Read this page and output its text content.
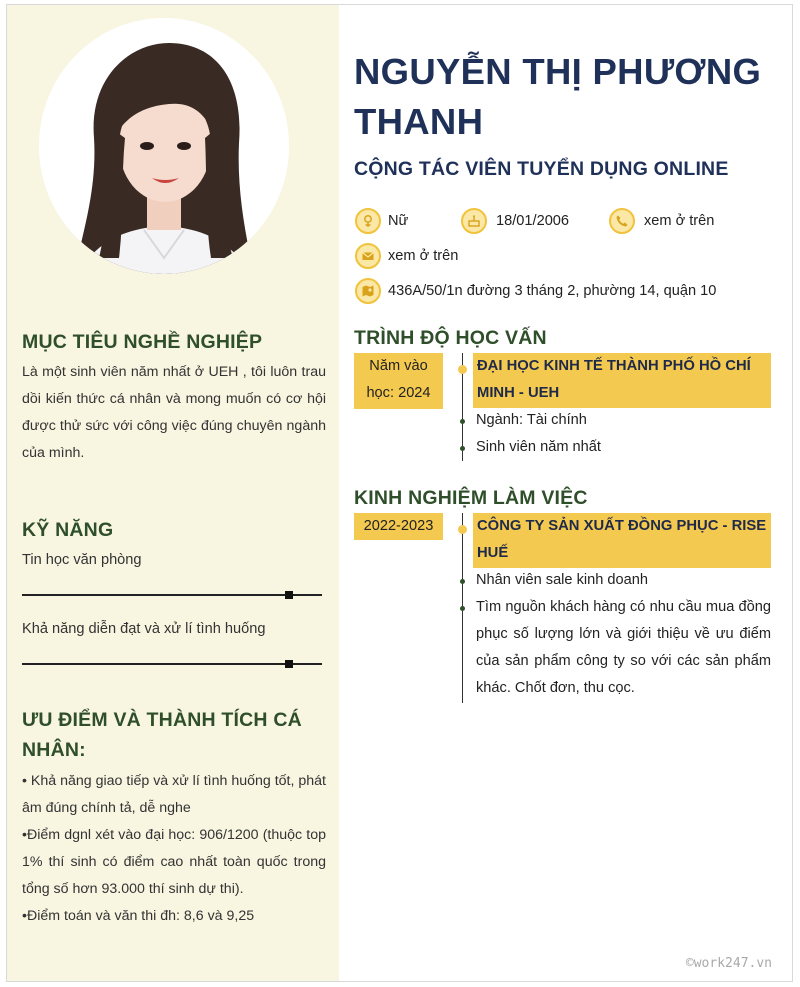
MỤC TIÊU NGHỀ NGHIỆP
Là một sinh viên năm nhất ở UEH , tôi luôn trau dồi kiến thức cá nhân và mong muốn có cơ hội được thử sức với công việc đúng chuyên ngành của mình.
KỸ NĂNG
Tin học văn phòng
Khả năng diễn đạt và xử lí tình huống
ƯU ĐIỂM VÀ THÀNH TÍCH CÁ NHÂN:
• Khả năng giao tiếp và xử lí tình huống tốt, phát âm đúng chính tả, dễ nghe
•Điểm dgnl xét vào đại học: 906/1200 (thuộc top 1% thí sinh có điểm cao nhất toàn quốc trong tổng số hơn 93.000 thí sinh dự thi).
•Điểm toán và văn thi đh: 8,6 và 9,25
NGUYỄN THỊ PHƯƠNG THANH
CỘNG TÁC VIÊN TUYỂN DỤNG ONLINE
Nữ	18/01/2006	xem ở trên
xem ở trên
436A/50/1n đường 3 tháng 2, phường 14, quận 10
TRÌNH ĐỘ HỌC VẤN
Năm vào học: 2024
ĐẠI HỌC KINH TẾ THÀNH PHỐ HỒ CHÍ MINH - UEH
Ngành: Tài chính
Sinh viên năm nhất
KINH NGHIỆM LÀM VIỆC
2022-2023	CÔNG TY SẢN XUẤT ĐỒNG PHỤC - RISE HUẾ
Nhân viên sale kinh doanh
Tìm nguồn khách hàng có nhu cầu mua đồng phục số lượng lớn và giới thiệu về ưu điểm của sản phẩm công ty so với các sản phẩm khác. Chốt đơn, thu cọc.
©work247.vn
